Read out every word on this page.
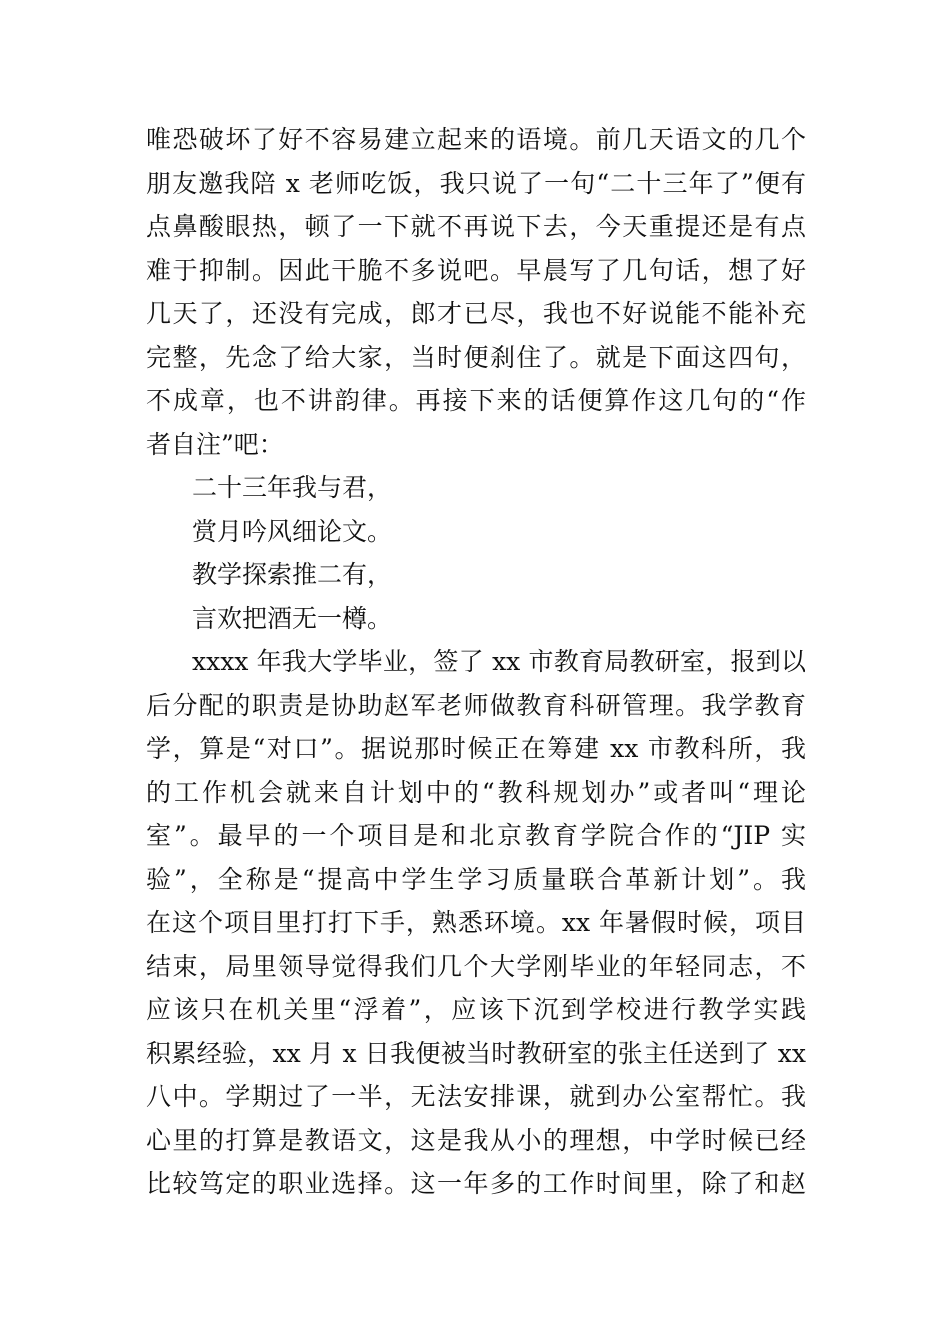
唯恐破坏了好不容易建立起来的语境。前几天语文的几个
朋友邀我陪 x 老师吃饭，我只说了一句“二十三年了”便有
点鼻酸眼热，顿了一下就不再说下去，今天重提还是有点
难于抑制。因此干脆不多说吧。早晨写了几句话，想了好
几天了，还没有完成，郎才已尽，我也不好说能不能补充
完整，先念了给大家，当时便刹住了。就是下面这四句，
不成章，也不讲韵律。再接下来的话便算作这几句的“作
者自注”吧：
二十三年我与君，
赏月吟风细论文。
教学探索推二有，
言欢把酒无一樽。
xxxx 年我大学毕业，签了 xx 市教育局教研室，报到以
后分配的职责是协助赵军老师做教育科研管理。我学教育
学，算是“对口”。据说那时候正在筹建 xx 市教科所，我
的工作机会就来自计划中的“教科规划办”或者叫“理论
室”。最早的一个项目是和北京教育学院合作的“JIP 实
验”，全称是“提高中学生学习质量联合革新计划”。我
在这个项目里打打下手，熟悉环境。xx 年暑假时候，项目
结束，局里领导觉得我们几个大学刚毕业的年轻同志，不
应该只在机关里“浮着”，应该下沉到学校进行教学实践
积累经验，xx 月 x 日我便被当时教研室的张主任送到了 xx
八中。学期过了一半，无法安排课，就到办公室帮忙。我
心里的打算是教语文，这是我从小的理想，中学时候已经
比较笃定的职业选择。这一年多的工作时间里，除了和赵
